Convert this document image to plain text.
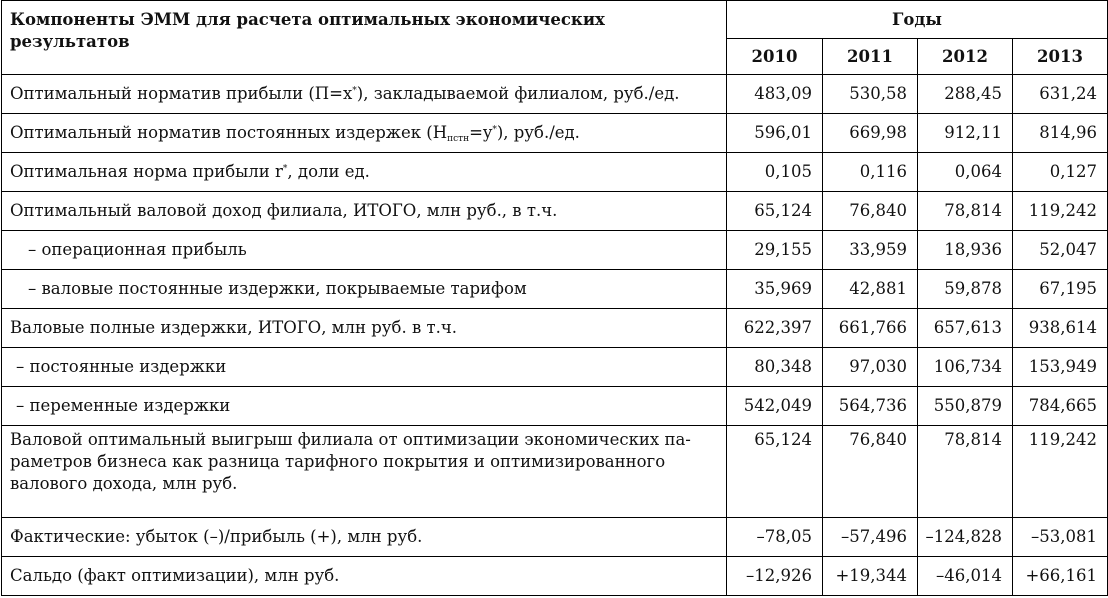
Компоненты ЭММ для расчета оптимальных экономических результатов	Годы			
	2010	2011	2012	2013
Оптимальный норматив прибыли (П=x*), закладываемой филиалом, руб./ед.	483,09	530,58	288,45	631,24
Оптимальный норматив постоянных издержек $(Н_{пстн}=y^*)$, руб./ед.	596,01	669,98	912,11	814,96
Оптимальная норма прибыли r*, доли ед.	0,105	0,116	0,064	0,127
Оптимальный валовой доход филиала, ИТОГО, млн руб., в т.ч.	65,124	76,840	78,814	119,242
– операционная прибыль	29,155	33,959	18,936	52,047
– валовые постоянные издержки, покрываемые тарифом	35,969	42,881	59,878	67,195
Валовые полные издержки, ИТОГО, млн руб. в т.ч.	622,397	661,766	657,613	938,614
– постоянные издержки	80,348	97,030	106,734	153,949
– переменные издержки	542,049	564,736	550,879	784,665

Валовой оптимальный выигрыш филиала от оптимизации экономических па-
раметров бизнеса как разница тарифного покрытия и оптимизированного
валового дохода, млн руб.	65,124	76,840	78,814	119,242
Фактические: убыток (–)/прибыль (+), млн руб.	–78,05	–57,496	–124,828	–53,081
Сальдо (факт оптимизации), млн руб.	–12,926	+19,344	–46,014	+66,161
